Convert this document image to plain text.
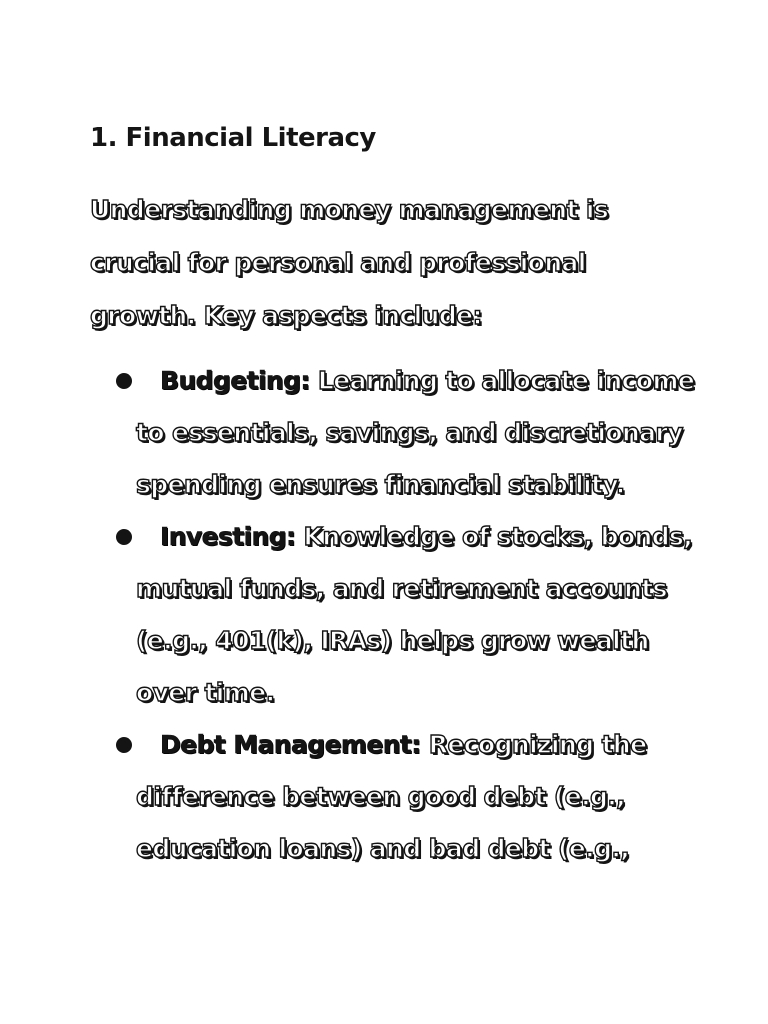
1. Financial Literacy

Understanding money management is crucial for personal and professional growth. Key aspects include:

Budgeting: Learning to allocate income to essentials, savings, and discretionary spending ensures financial stability.
Investing: Knowledge of stocks, bonds, mutual funds, and retirement accounts (e.g., 401(k), IRAs) helps grow wealth over time.
Debt Management: Recognizing the difference between good debt (e.g., education loans) and bad debt (e.g.,
